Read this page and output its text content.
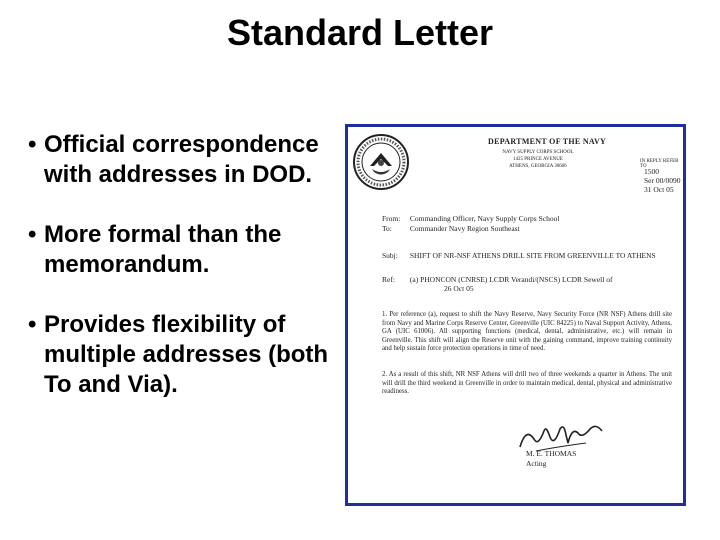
Standard Letter
• Official correspondence with addresses in DOD.
• More formal than the memorandum.
• Provides flexibility of multiple addresses (both To and Via).
DEPARTMENT OF THE NAVY
NAVY SUPPLY CORPS SCHOOL
1425 PRINCE AVENUE
ATHENS, GEORGIA 30606
IN REPLY REFER TO
1500
Ser 00/0090
31 Oct 05
From: Commanding Officer, Navy Supply Corps School
To: Commander Navy Region Southeast
Subj: SHIFT OF NR-NSF ATHENS DRILL SITE FROM GREENVILLE TO ATHENS
Ref: (a) PHONCON (CNRSE) LCDR Verandi/(NSCS) LCDR Sewell of
26 Oct 05
1. Per reference (a), request to shift the Navy Reserve, Navy Security Force (NR NSF) Athens drill site from Navy and Marine Corps Reserve Center, Greenville (UIC 84225) to Naval Support Activity, Athens, GA (UIC 61006). All supporting functions (medical, dental, administrative, etc.) will remain in Greenville. This shift will align the Reserve unit with the gaining command, improve training continuity and help sustain force protection operations in time of need.
2. As a result of this shift, NR NSF Athens will drill two of three weekends a quarter in Athens. The unit will drill the third weekend in Greenville in order to maintain medical, dental, physical and administrative readiness.
M. E. THOMAS
Acting
